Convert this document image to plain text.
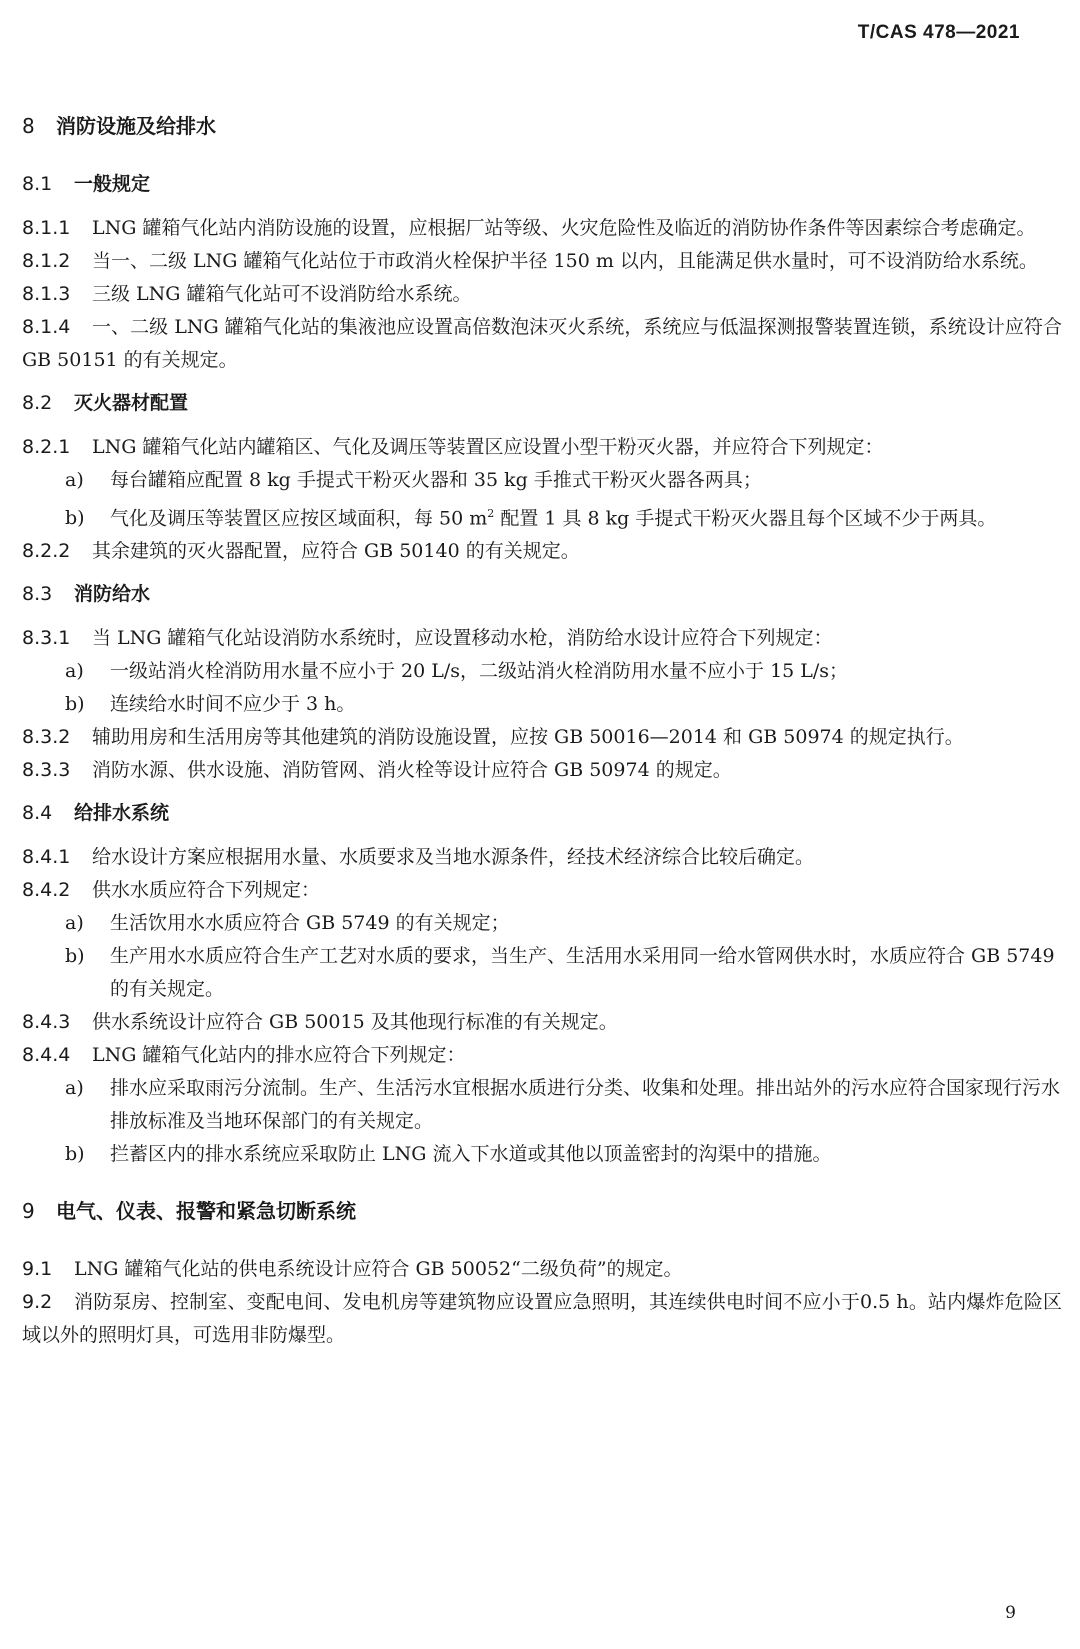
T/CAS 478—2021
8 消防设施及给排水
8.1 一般规定

8.1.1 LNG 罐箱气化站内消防设施的设置，应根据厂站等级、火灾危险性及临近的消防协作条件等因素综合考虑确定。

8.1.2 当一、二级 LNG 罐箱气化站位于市政消火栓保护半径 150 m 以内，且能满足供水量时，可不设消防给水系统。

8.1.3 三级 LNG 罐箱气化站可不设消防给水系统。

8.1.4 一、二级 LNG 罐箱气化站的集液池应设置高倍数泡沫灭火系统，系统应与低温探测报警装置连锁，系统设计应符合 GB 50151 的有关规定。

8.2 灭火器材配置

8.2.1 LNG 罐箱气化站内罐箱区、气化及调压等装置区应设置小型干粉灭火器，并应符合下列规定：

a) 每台罐箱应配置 8 kg 手提式干粉灭火器和 35 kg 手推式干粉灭火器各两具；

b) 气化及调压等装置区应按区域面积，每 50 $m^2$ 配置 1 具 8 kg 手提式干粉灭火器且每个区域不少于两具。

8.2.2 其余建筑的灭火器配置，应符合 GB 50140 的有关规定。

8.3 消防给水

8.3.1 当 LNG 罐箱气化站设消防水系统时，应设置移动水枪，消防给水设计应符合下列规定：

a) 一级站消火栓消防用水量不应小于 20 L/s，二级站消火栓消防用水量不应小于 15 L/s；

b) 连续给水时间不应少于 3 h。

8.3.2 辅助用房和生活用房等其他建筑的消防设施设置，应按 GB 50016—2014 和 GB 50974 的规定执行。

8.3.3 消防水源、供水设施、消防管网、消火栓等设计应符合 GB 50974 的规定。

8.4 给排水系统

8.4.1 给水设计方案应根据用水量、水质要求及当地水源条件，经技术经济综合比较后确定。

8.4.2 供水水质应符合下列规定：

a) 生活饮用水水质应符合 GB 5749 的有关规定；

b) 生产用水水质应符合生产工艺对水质的要求，当生产、生活用水采用同一给水管网供水时，水质应符合 GB 5749 的有关规定。

8.4.3 供水系统设计应符合 GB 50015 及其他现行标准的有关规定。

8.4.4 LNG 罐箱气化站内的排水应符合下列规定：

a) 排水应采取雨污分流制。生产、生活污水宜根据水质进行分类、收集和处理。排出站外的污水应符合国家现行污水排放标准及当地环保部门的有关规定。

b) 拦蓄区内的排水系统应采取防止 LNG 流入下水道或其他以顶盖密封的沟渠中的措施。

9 电气、仪表、报警和紧急切断系统

9.1 LNG 罐箱气化站的供电系统设计应符合 GB 50052“二级负荷”的规定。

9.2 消防泵房、控制室、变配电间、发电机房等建筑物应设置应急照明，其连续供电时间不应小于0.5 h。站内爆炸危险区域以外的照明灯具，可选用非防爆型。

9
